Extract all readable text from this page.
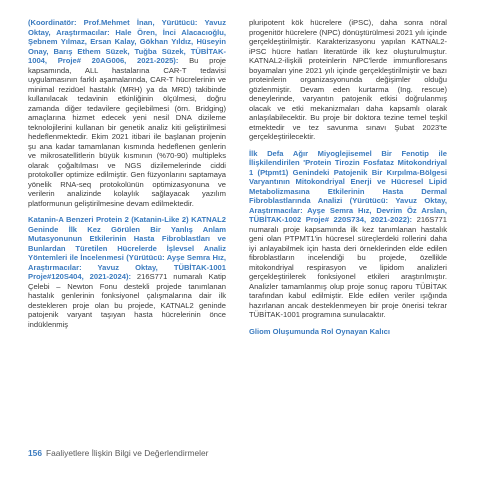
(Koordinatör: Prof.Mehmet İnan, Yürütücü: Yavuz Oktay, Araştırmacılar: Hale Ören, İnci Alacacıoğlu, Şebnem Yılmaz, Ersan Kalay, Gökhan Yıldız, Hüseyin Onay, Barış Ethem Süzek, Tuğba Süzek, TÜBİTAK-1004, Proje# 20AG006, 2021-2025): Bu proje kapsamında, ALL hastalarına CAR-T tedavisi uygulamasının farklı aşamalarında, CAR-T hücrelerinin ve minimal rezidüel hastalık (MRH) ya da MRD) takibinde kullanılacak tedavinin etkinliğinin ölçülmesi, doğru zamanda diğer tedavilere geçilebilmesi (örn. Bridging) amaçlarına hizmet edecek yeni nesil DNA dizileme teknolojilerini kullanan bir genetik analiz kiti geliştirilmesi hedeflenmektedir. Ekim 2021 itibari ile başlanan projenin şu ana kadar tamamlanan kısmında hedeflenen genlerin ve mikrosatellitlerin büyük kısmının (%70-90) multipleks olarak çoğaltılması ve NGS dizilemelerinde ciddi protokoller optimize edilmiştir. Gen füzyonlarını saptamaya yönelik RNA-seq protokolünün optimizasyonuna ve verilerin analizinde kolaylık sağlayacak yazılım platformunun geliştirilmesine devam edilmektedir.

Katanin-A Benzeri Protein 2 (Katanin-Like 2) KATNAL2 Geninde İlk Kez Görülen Bir Yanlış Anlam Mutasyonunun Etkilerinin Hasta Fibroblastları ve Bunlardan Türetilen Hücrelerde İşlevsel Analiz Yöntemleri ile İncelenmesi (Yürütücü: Ayşe Semra Hız, Araştırmacılar: Yavuz Oktay, TÜBİTAK-1001 Proje#120S404, 2021-2024): 216S771 numaralı Katip Çelebi – Newton Fonu destekli projede tanımlanan hastalık genlerinin fonksiyonel çalışmalarına dair ilk destekleren proje olan bu projede, KATNAL2 geninde patojenik varyant taşıyan hasta hücrelerinin önce indüklenmiş

pluripotent kök hücrelere (iPSC), daha sonra nöral progenitör hücrelere (NPC) dönüştürülmesi 2021 yılı içinde gerçekleştirilmiştir. Karakterizasyonu yapılan KATNAL2-iPSC hücre hatları literatürde ilk kez oluşturulmuştur. KATNAL2-ilişkili proteinlerin NPC'lerde immunfloresans boyamaları yine 2021 yılı içinde gerçekleştirilmiştir ve bazı proteinlerin organizasyonunda değişimler olduğu gözlenmiştir. Devam eden kurtarma (Ing. rescue) deneylerinde, varyantın patojenik etkisi doğrulanmış olacak ve etki mekanizmaları daha kapsamlı olarak anlaşılabilecektir. Bu proje bir doktora tezine temel teşkil etmektedir ve tez savunma sınavı Şubat 2023'te gerçekleştirilecektir.

İlk Defa Ağır Miyoglejisemel Bir Fenotip ile İlişkilendirilen 'Protein Tirozin Fosfataz Mitokondriyal 1 (Ptpmt1) Genindeki Patojenik Bir Kırpılma-Bölgesi Varyantının Mitokondriyal Enerji ve Hücresel Lipid Metabolizmasına Etkilerinin Hasta Dermal Fibroblastlarında Analizi (Yürütücü: Yavuz Oktay, Araştırmacılar: Ayşe Semra Hız, Devrim Öz Arslan, TÜBİTAK-1002 Proje# 220S734, 2021-2022): 216S771 numaralı proje kapsamında ilk kez tanımlanan hastalık geni olan PTPMT1'in hücresel süreçlerdeki rollerini daha iyi anlayabilmek için hasta deri örneklerinden elde edilen fibroblastların incelendiği bu projede, özellikle mitokondriyal respirasyon ve lipidom analizleri gerçekleştirilerek fonksiyonel etkileri araştırılmıştır. Analizler tamamlanmış olup proje sonuç raporu TÜBİTAK tarafından kabul edilmiştir. Elde edilen veriler ışığında hazırlanan ancak desteklenmeyen bir proje önerisi tekrar TÜBİTAK-1001 programına sunulacaktır.

Gliom Oluşumunda Rol Oynayan Kalıcı

156 Faaliyetlere İlişkin Bilgi ve Değerlendirmeler
